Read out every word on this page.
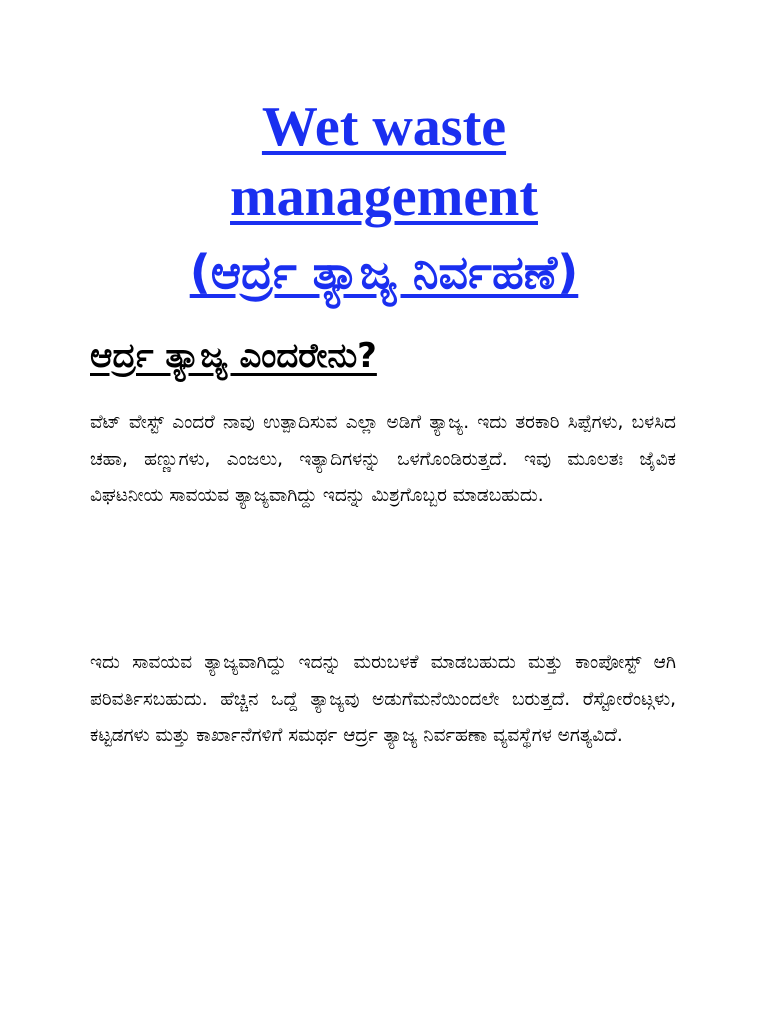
Wet waste
management
(ಆರ್ದ್ರ ತ್ಯಾಜ್ಯ ನಿರ್ವಹಣೆ)
ಆರ್ದ್ರ ತ್ಯಾಜ್ಯ ಎಂದರೇನು?

ವೆಟ್ ವೇಸ್ಟ್ ಎಂದರೆ ನಾವು ಉತ್ಪಾದಿಸುವ ಎಲ್ಲಾ ಅಡಿಗೆ ತ್ಯಾಜ್ಯ. ಇದು ತರಕಾರಿ ಸಿಪ್ಪೆಗಳು, ಬಳಸಿದ ಚಹಾ, ಹಣ್ಣುಗಳು, ಎಂಜಲು, ಇತ್ಯಾದಿಗಳನ್ನು ಒಳಗೊಂಡಿರುತ್ತದೆ. ಇವು ಮೂಲತಃ ಜೈವಿಕ ವಿಘಟನೀಯ ಸಾವಯವ ತ್ಯಾಜ್ಯವಾಗಿದ್ದು ಇದನ್ನು ಮಿಶ್ರಗೊಬ್ಬರ ಮಾಡಬಹುದು.

ಇದು ಸಾವಯವ ತ್ಯಾಜ್ಯವಾಗಿದ್ದು ಇದನ್ನು ಮರುಬಳಕೆ ಮಾಡಬಹುದು ಮತ್ತು ಕಾಂಪೋಸ್ಟ್ ಆಗಿ ಪರಿವರ್ತಿಸಬಹುದು. ಹೆಚ್ಚಿನ ಒದ್ದೆ ತ್ಯಾಜ್ಯವು ಅಡುಗೆಮನೆಯಿಂದಲೇ ಬರುತ್ತದೆ. ರೆಸ್ಟೋರೆಂಟ್ಗಳು, ಕಟ್ಟಡಗಳು ಮತ್ತು ಕಾರ್ಖಾನೆಗಳಿಗೆ ಸಮರ್ಥ ಆರ್ದ್ರ ತ್ಯಾಜ್ಯ ನಿರ್ವಹಣಾ ವ್ಯವಸ್ಥೆಗಳ ಅಗತ್ಯವಿದೆ.
